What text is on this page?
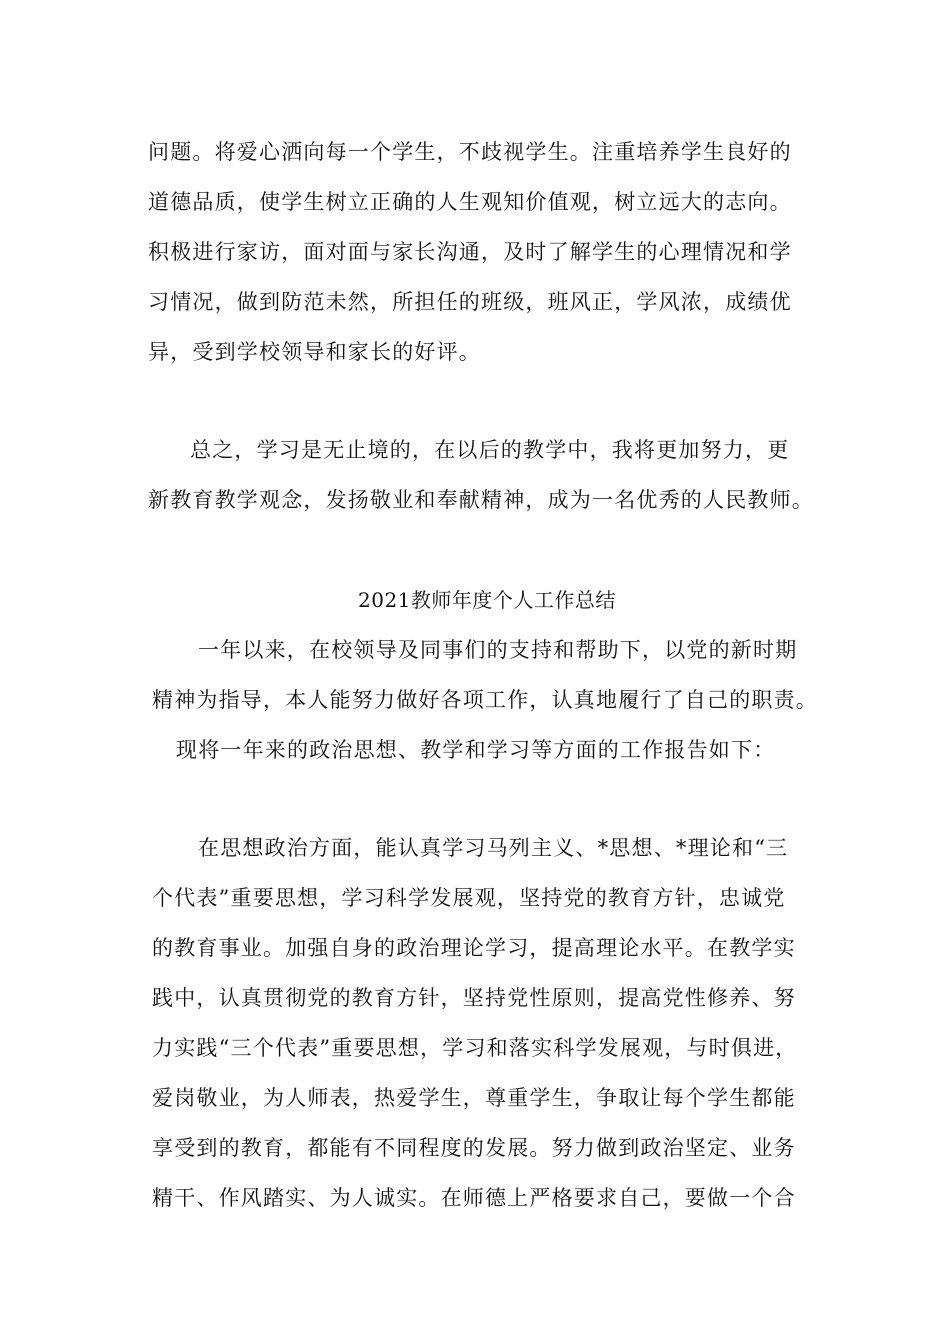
问题。将爱心洒向每一个学生，不歧视学生。注重培养学生良好的
道德品质，使学生树立正确的人生观知价值观，树立远大的志向。
积极进行家访，面对面与家长沟通，及时了解学生的心理情况和学
习情况，做到防范未然，所担任的班级，班风正，学风浓，成绩优
异，受到学校领导和家长的好评。
总之，学习是无止境的，在以后的教学中，我将更加努力，更
新教育教学观念，发扬敬业和奉献精神，成为一名优秀的人民教师。
2021教师年度个人工作总结
一年以来，在校领导及同事们的支持和帮助下，以党的新时期
精神为指导，本人能努力做好各项工作，认真地履行了自己的职责。
现将一年来的政治思想、教学和学习等方面的工作报告如下：
在思想政治方面，能认真学习马列主义、*思想、*理论和“三
个代表”重要思想，学习科学发展观，坚持党的教育方针，忠诚党
的教育事业。加强自身的政治理论学习，提高理论水平。在教学实
践中，认真贯彻党的教育方针，坚持党性原则，提高党性修养、努
力实践“三个代表”重要思想，学习和落实科学发展观，与时俱进，
爱岗敬业，为人师表，热爱学生，尊重学生，争取让每个学生都能
享受到的教育，都能有不同程度的发展。努力做到政治坚定、业务
精干、作风踏实、为人诚实。在师德上严格要求自己，要做一个合
